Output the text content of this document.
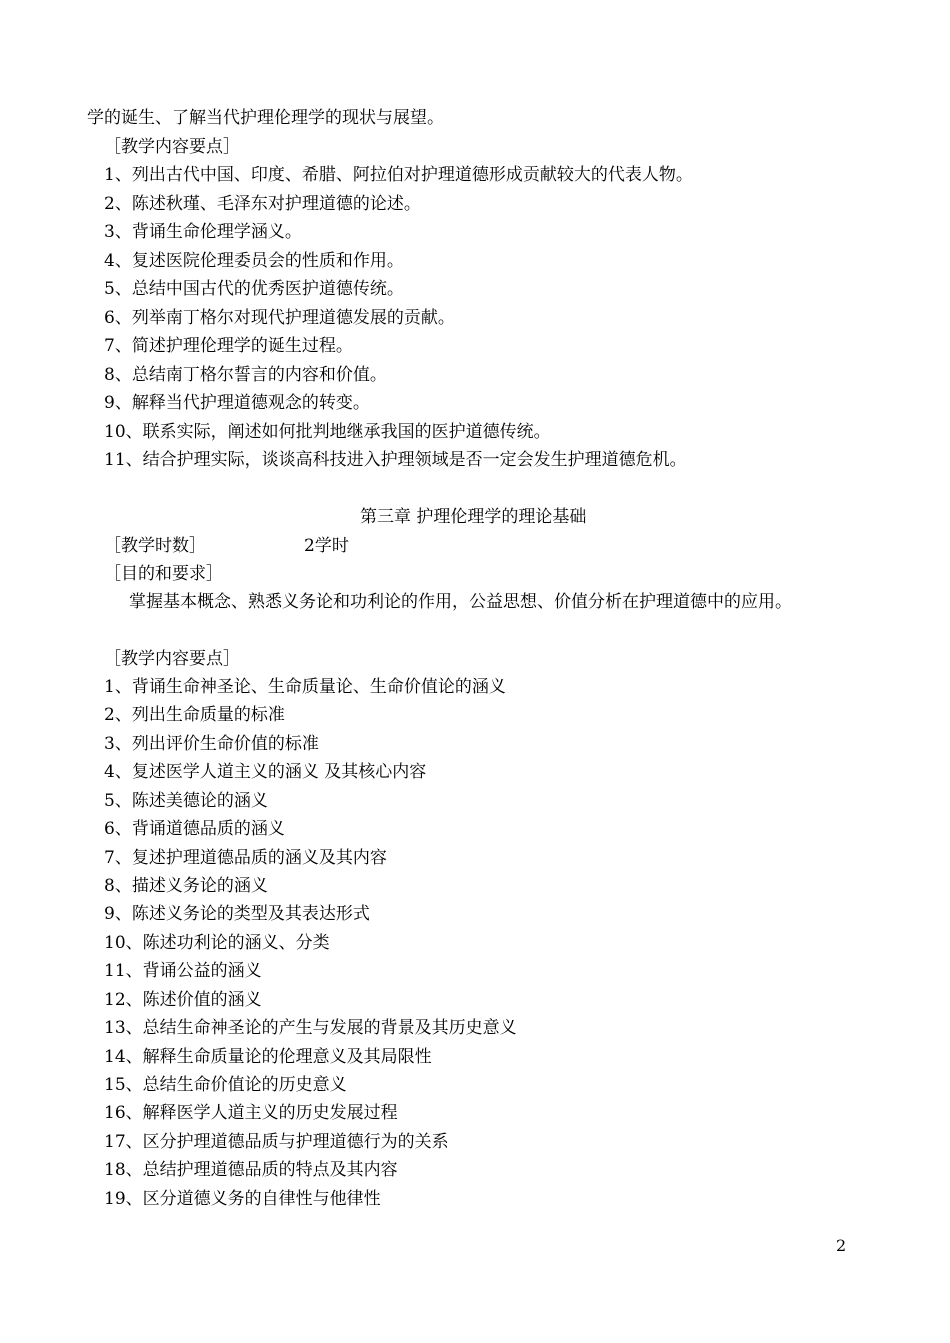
学的诞生、了解当代护理伦理学的现状与展望。
［教学内容要点］
1、列出古代中国、印度、希腊、阿拉伯对护理道德形成贡献较大的代表人物。
2、陈述秋瑾、毛泽东对护理道德的论述。
3、背诵生命伦理学涵义。
4、复述医院伦理委员会的性质和作用。
5、总结中国古代的优秀医护道德传统。
6、列举南丁格尔对现代护理道德发展的贡献。
7、简述护理伦理学的诞生过程。
8、总结南丁格尔誓言的内容和价值。
9、解释当代护理道德观念的转变。
10、联系实际，阐述如何批判地继承我国的医护道德传统。
11、结合护理实际，谈谈高科技进入护理领域是否一定会发生护理道德危机。
第三章 护理伦理学的理论基础
［教学时数］	2学时
［目的和要求］
掌握基本概念、熟悉义务论和功利论的作用，公益思想、价值分析在护理道德中的应用。
［教学内容要点］
1、背诵生命神圣论、生命质量论、生命价值论的涵义
2、列出生命质量的标准
3、列出评价生命价值的标准
4、复述医学人道主义的涵义 及其核心内容
5、陈述美德论的涵义
6、背诵道德品质的涵义
7、复述护理道德品质的涵义及其内容
8、描述义务论的涵义
9、陈述义务论的类型及其表达形式
10、陈述功利论的涵义、分类
11、背诵公益的涵义
12、陈述价值的涵义
13、总结生命神圣论的产生与发展的背景及其历史意义
14、解释生命质量论的伦理意义及其局限性
15、总结生命价值论的历史意义
16、解释医学人道主义的历史发展过程
17、区分护理道德品质与护理道德行为的关系
18、总结护理道德品质的特点及其内容
19、区分道德义务的自律性与他律性
2
